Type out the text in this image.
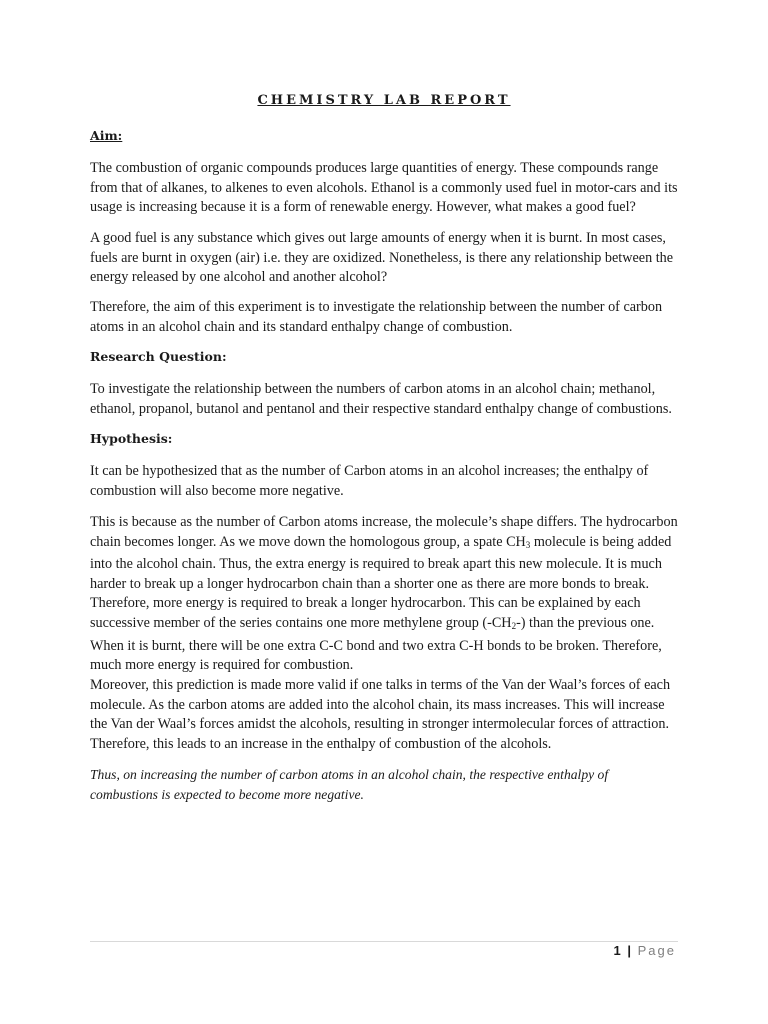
CHEMISTRY LAB REPORT
Aim:

The combustion of organic compounds produces large quantities of energy. These compounds range from that of alkanes, to alkenes to even alcohols. Ethanol is a commonly used fuel in motor-cars and its usage is increasing because it is a form of renewable energy. However, what makes a good fuel?

A good fuel is any substance which gives out large amounts of energy when it is burnt. In most cases, fuels are burnt in oxygen (air) i.e. they are oxidized. Nonetheless, is there any relationship between the energy released by one alcohol and another alcohol?

Therefore, the aim of this experiment is to investigate the relationship between the number of carbon atoms in an alcohol chain and its standard enthalpy change of combustion.

Research Question:

To investigate the relationship between the numbers of carbon atoms in an alcohol chain; methanol, ethanol, propanol, butanol and pentanol and their respective standard enthalpy change of combustions.

Hypothesis:

It can be hypothesized that as the number of Carbon atoms in an alcohol increases; the enthalpy of combustion will also become more negative.

This is because as the number of Carbon atoms increase, the molecule’s shape differs. The hydrocarbon chain becomes longer. As we move down the homologous group, a spate $CH_3$ molecule is being added into the alcohol chain. Thus, the extra energy is required to break apart this new molecule. It is much harder to break up a longer hydrocarbon chain than a shorter one as there are more bonds to break. Therefore, more energy is required to break a longer hydrocarbon. This can be explained by each successive member of the series contains one more methylene group $(-CH_2-)$ than the previous one. When it is burnt, there will be one extra C-C bond and two extra C-H bonds to be broken. Therefore, much more energy is required for combustion.

Moreover, this prediction is made more valid if one talks in terms of the Van der Waal’s forces of each molecule. As the carbon atoms are added into the alcohol chain, its mass increases. This will increase the Van der Waal’s forces amidst the alcohols, resulting in stronger intermolecular forces of attraction. Therefore, this leads to an increase in the enthalpy of combustion of the alcohols.

Thus, on increasing the number of carbon atoms in an alcohol chain, the respective enthalpy of combustions is expected to become more negative.

1 | Page
